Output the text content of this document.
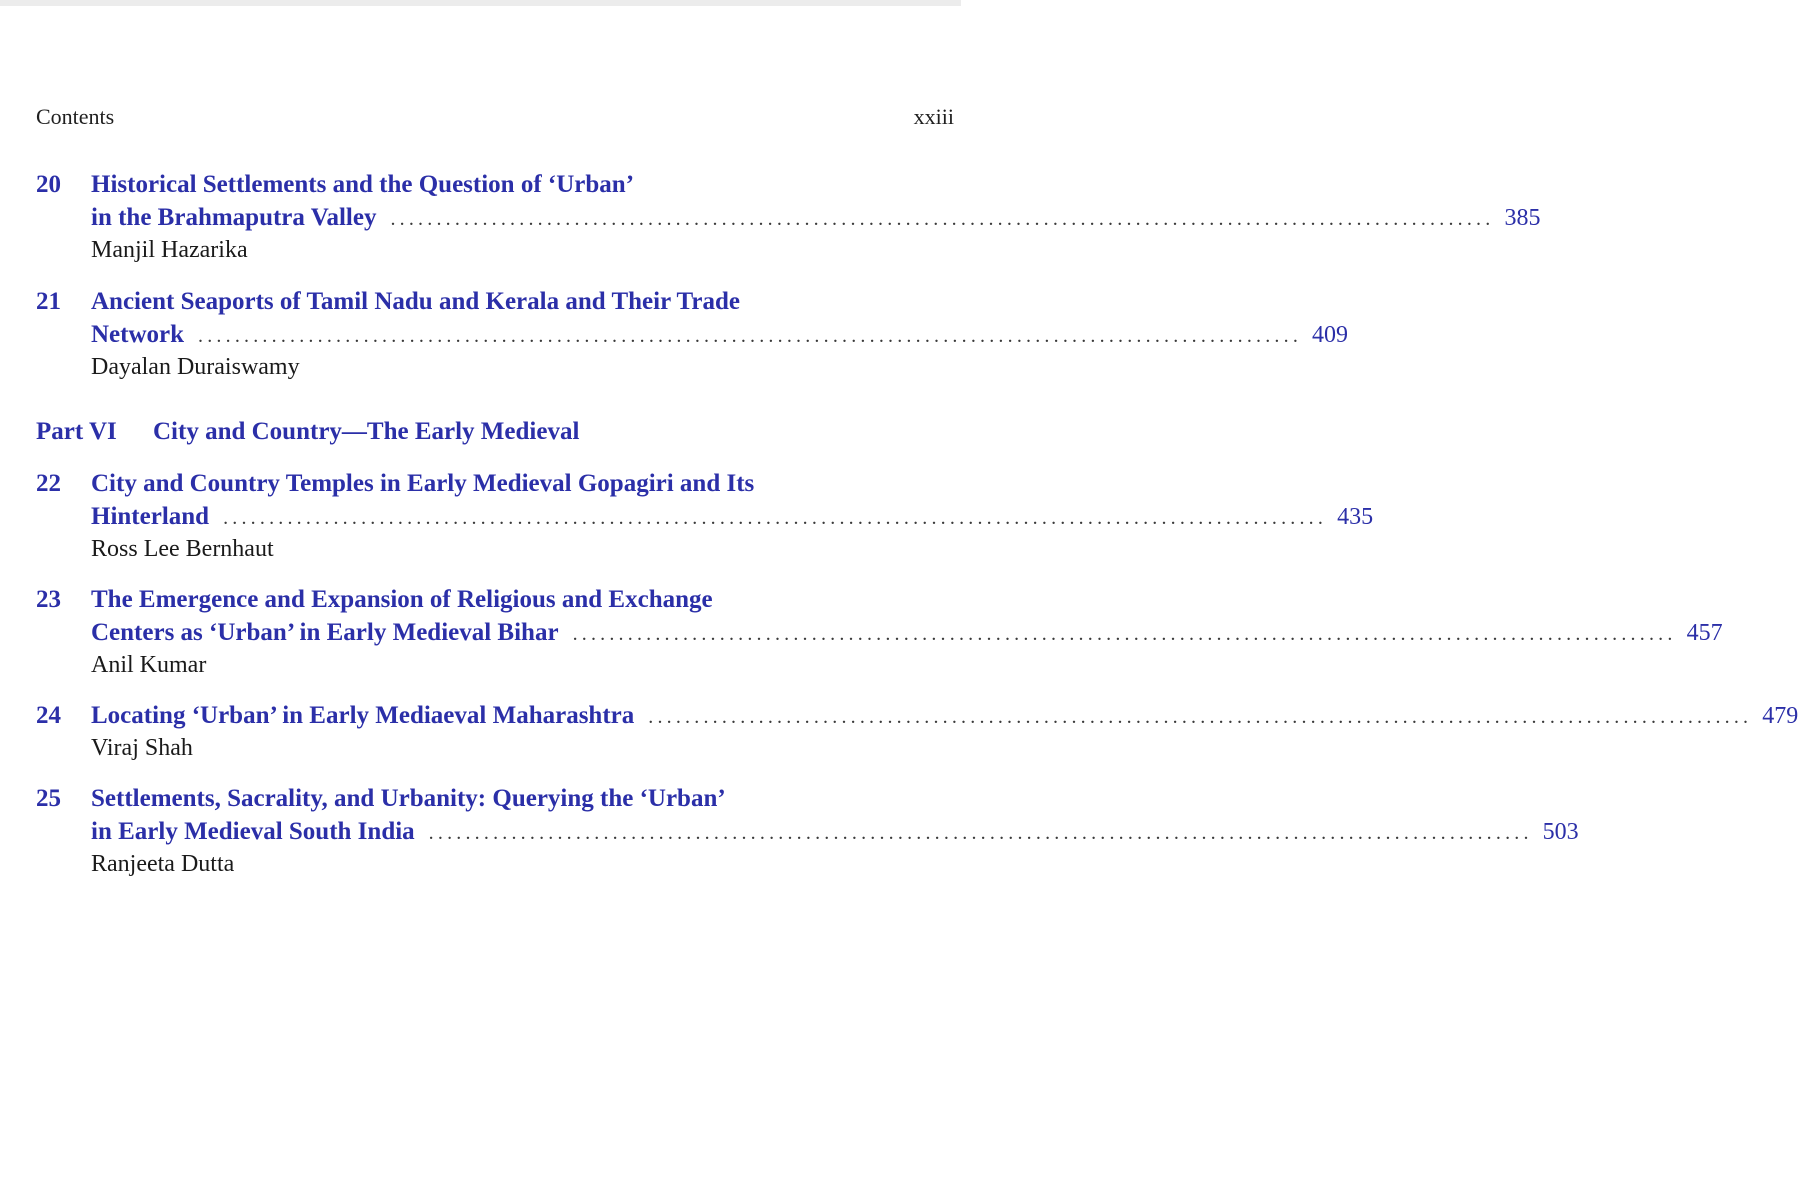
Contents	xxiii
20	Historical Settlements and the Question of ‘Urban’
in the Brahmaputra Valley ........................................................................................................................ 385
Manjil Hazarika
21	Ancient Seaports of Tamil Nadu and Kerala and Their Trade
Network ........................................................................................................................ 409
Dayalan Duraiswamy
Part VI City and Country—The Early Medieval
22	City and Country Temples in Early Medieval Gopagiri and Its
Hinterland ........................................................................................................................ 435
Ross Lee Bernhaut
23	The Emergence and Expansion of Religious and Exchange
Centers as ‘Urban’ in Early Medieval Bihar ........................................................................................................................ 457
Anil Kumar
24	Locating ‘Urban’ in Early Mediaeval Maharashtra ........................................................................................................................ 479
Viraj Shah
25	Settlements, Sacrality, and Urbanity: Querying the ‘Urban’
in Early Medieval South India ........................................................................................................................ 503
Ranjeeta Dutta
